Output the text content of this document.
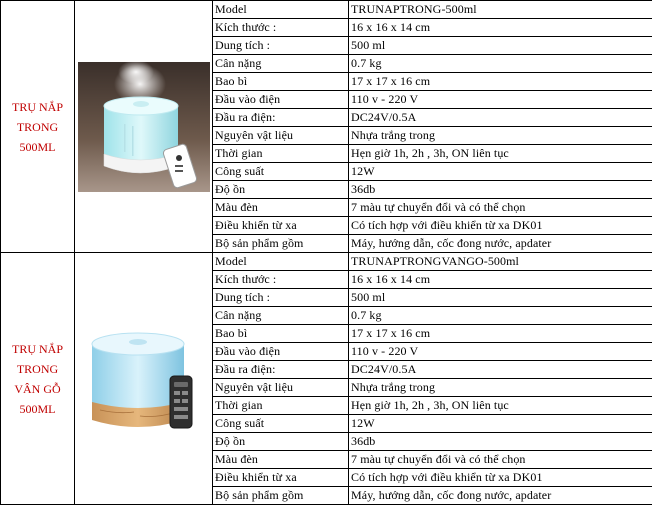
TRỤ NẮP
TRONG
500ML		Model	TRUNAPTRONG-500ml
		Kích thước :	16 x 16 x 14 cm
		Dung tích :	500 ml
		Cân nặng	0.7 kg
		Bao bì	17 x 17 x 16 cm
		Đầu vào điện	110 v - 220 V
		Đầu ra điện:	DC24V/0.5A
		Nguyên vật liệu	Nhựa trắng trong
		Thời gian	Hẹn giờ 1h, 2h , 3h, ON liên tục
		Công suất	12W
		Độ ồn	36db
		Màu đèn	7 màu tự chuyển đổi và có thể chọn
		Điều khiển từ xa	Có tích hợp với điều khiển từ xa DK01
		Bộ sản phẩm gồm	Máy, hướng dẫn, cốc đong nước, apdater

TRỤ NẮP
TRONG
VÂN GỖ
500ML		Model	TRUNAPTRONGVANGO-500ml
		Kích thước :	16 x 16 x 14 cm
		Dung tích :	500 ml
		Cân nặng	0.7 kg
		Bao bì	17 x 17 x 16 cm
		Đầu vào điện	110 v - 220 V
		Đầu ra điện:	DC24V/0.5A
		Nguyên vật liệu	Nhựa trắng trong
		Thời gian	Hẹn giờ 1h, 2h , 3h, ON liên tục
		Công suất	12W
		Độ ồn	36db
		Màu đèn	7 màu tự chuyển đổi và có thể chọn
		Điều khiển từ xa	Có tích hợp với điều khiển từ xa DK01
		Bộ sản phẩm gồm	Máy, hướng dẫn, cốc đong nước, apdater
